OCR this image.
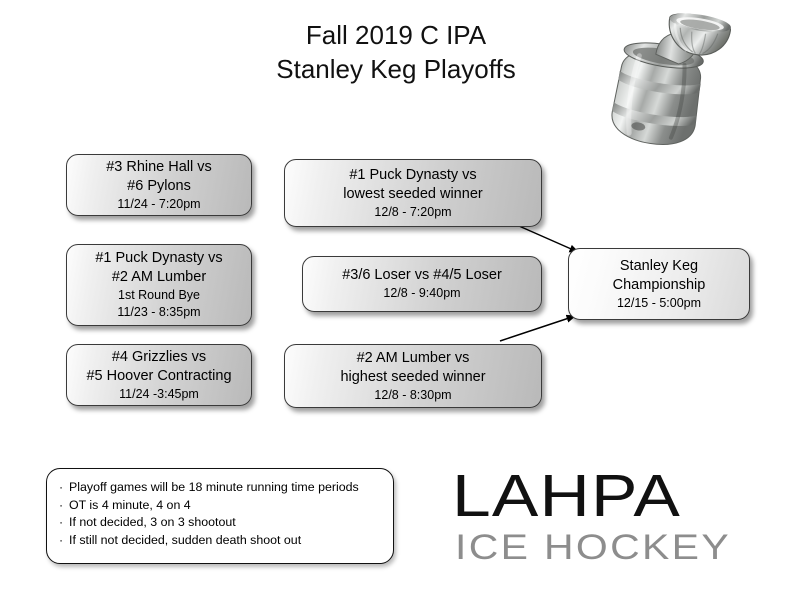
Fall 2019 C IPA
Stanley Keg Playoffs
#3 Rhine Hall vs
#6 Pylons
11/24 - 7:20pm
#1 Puck Dynasty vs
#2 AM Lumber
1st Round Bye
11/23 - 8:35pm
#4 Grizzlies vs
#5 Hoover Contracting
11/24 -3:45pm
#1 Puck Dynasty vs
lowest seeded winner
12/8 - 7:20pm
#3/6 Loser vs #4/5 Loser
12/8 - 9:40pm
#2 AM Lumber vs
highest seeded winner
12/8 - 8:30pm
Stanley Keg
Championship
12/15 - 5:00pm
· Playoff games will be 18 minute running time periods
· OT is 4 minute, 4 on 4
· If not decided, 3 on 3 shootout
· If still not decided, sudden death shoot out
LAHPA
ICE HOCKEY
